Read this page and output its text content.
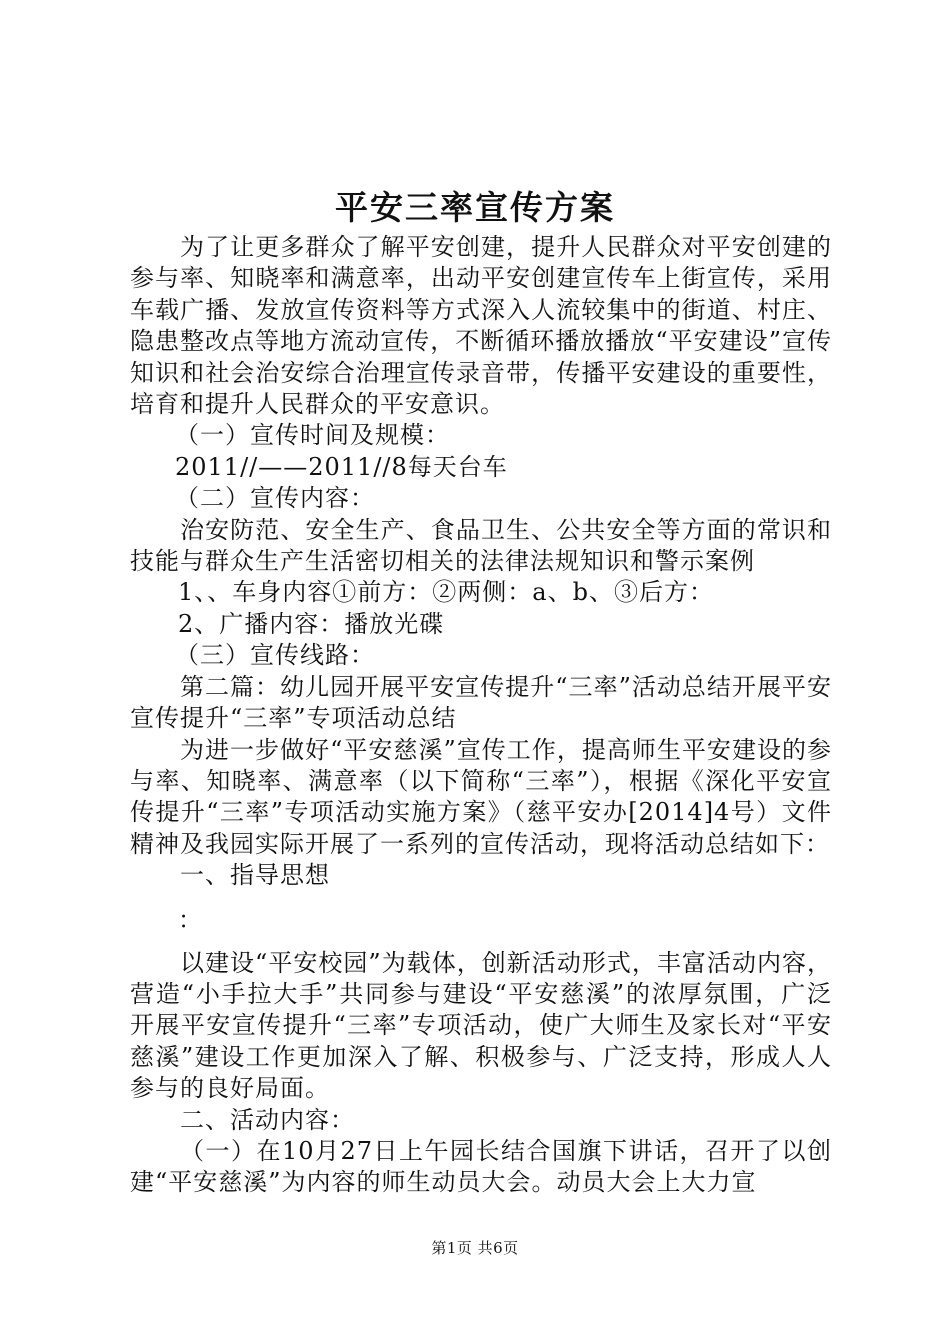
平安三率宣传方案

为了让更多群众了解平安创建，提升人民群众对平安创建的参与率、知晓率和满意率，出动平安创建宣传车上街宣传，采用车载广播、发放宣传资料等方式深入人流较集中的街道、村庄、隐患整改点等地方流动宣传，不断循环播放播放“平安建设”宣传知识和社会治安综合治理宣传录音带，传播平安建设的重要性，培育和提升人民群众的平安意识。

（一）宣传时间及规模：

2011//——2011//8每天台车

（二）宣传内容：

治安防范、安全生产、食品卫生、公共安全等方面的常识和技能与群众生产生活密切相关的法律法规知识和警示案例

1、、车身内容①前方：②两侧：a、b、③后方：

2、广播内容：播放光碟

（三）宣传线路：

第二篇：幼儿园开展平安宣传提升“三率”活动总结开展平安宣传提升“三率”专项活动总结

为进一步做好“平安慈溪”宣传工作，提高师生平安建设的参与率、知晓率、满意率（以下简称“三率”），根据《深化平安宣传提升“三率”专项活动实施方案》（慈平安办[2014]4号）文件精神及我园实际开展了一系列的宣传活动，现将活动总结如下：

一、指导思想

：

以建设“平安校园”为载体，创新活动形式，丰富活动内容，营造“小手拉大手”共同参与建设“平安慈溪”的浓厚氛围，广泛开展平安宣传提升“三率”专项活动，使广大师生及家长对“平安慈溪”建设工作更加深入了解、积极参与、广泛支持，形成人人参与的良好局面。

二、活动内容：

（一）在10月27日上午园长结合国旗下讲话，召开了以创建“平安慈溪”为内容的师生动员大会。动员大会上大力宣

第1页 共6页
